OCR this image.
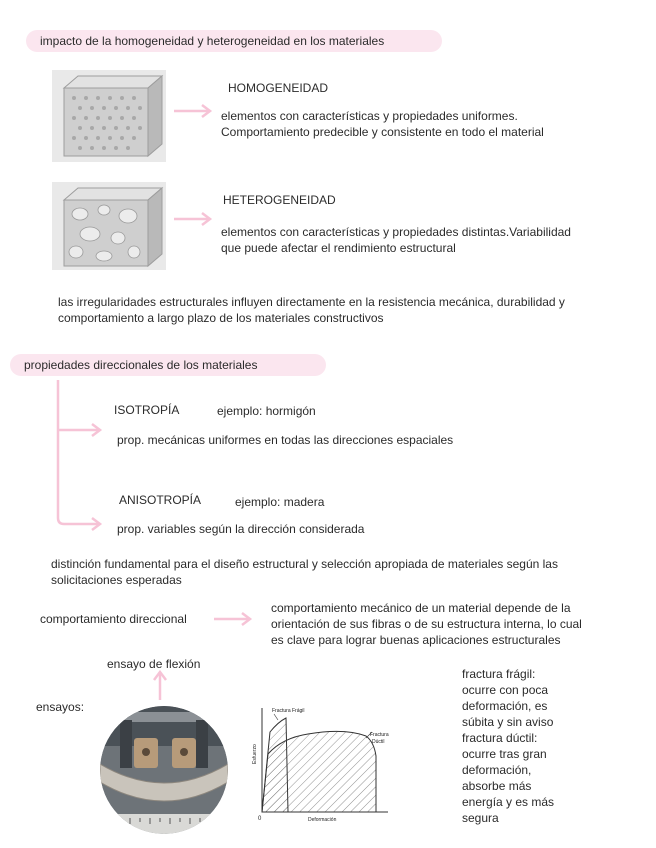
impacto de la homogeneidad y heterogeneidad en los materiales
HOMOGENEIDAD
elementos con características y propiedades uniformes.
Comportamiento predecible y consistente en todo el material
HETEROGENEIDAD
elementos con características y propiedades distintas.Variabilidad
que puede afectar el rendimiento estructural
las irregularidades estructurales influyen directamente en la resistencia mecánica, durabilidad y
comportamiento a largo plazo de los materiales constructivos
propiedades direccionales de los materiales
ISOTROPÍA	ejemplo: hormigón
prop. mecánicas uniformes en todas las direcciones espaciales
ANISOTROPÍA	ejemplo: madera
prop. variables según la dirección considerada
distinción fundamental para el diseño estructural y selección apropiada de materiales según las
solicitaciones esperadas
comportamiento direccional
comportamiento mecánico de un material depende de la
orientación de sus fibras o de su estructura interna, lo cual
es clave para lograr buenas aplicaciones estructurales
ensayo de flexión
ensayos:	Fractura Frágil
Fractura Dúctil
Esfuerzo
Deformación
0
fractura frágil:
ocurre con poca
deformación, es
súbita y sin aviso
fractura dúctil:
ocurre tras gran
deformación,
absorbe más
energía y es más
segura
